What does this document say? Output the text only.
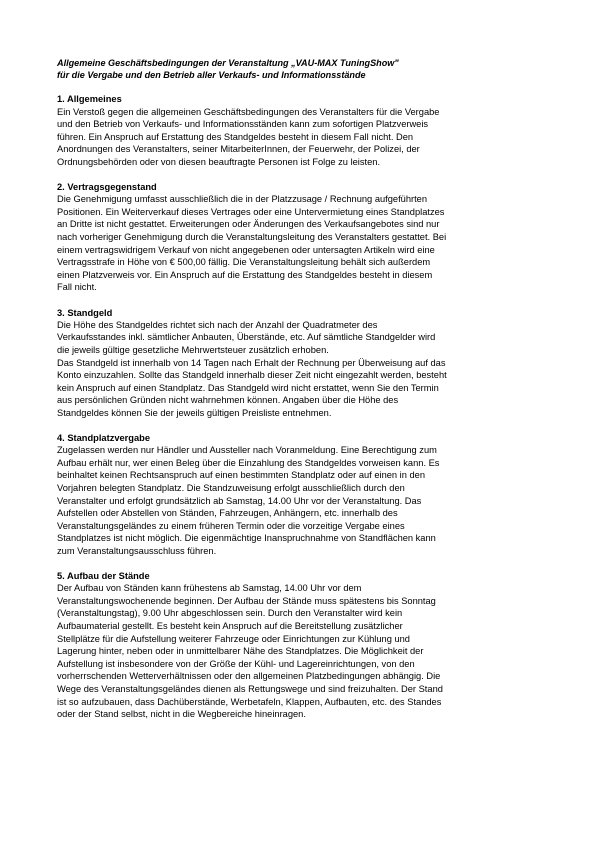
Allgemeine Geschäftsbedingungen der Veranstaltung „VAU-MAX TuningShow"
für die Vergabe und den Betrieb aller Verkaufs- und Informationsstände
1. Allgemeines
Ein Verstoß gegen die allgemeinen Geschäftsbedingungen des Veranstalters für die Vergabe
und den Betrieb von Verkaufs- und Informationsständen kann zum sofortigen Platzverweis
führen. Ein Anspruch auf Erstattung des Standgeldes besteht in diesem Fall nicht. Den
Anordnungen des Veranstalters, seiner MitarbeiterInnen, der Feuerwehr, der Polizei, der
Ordnungsbehörden oder von diesen beauftragte Personen ist Folge zu leisten.
2. Vertragsgegenstand
Die Genehmigung umfasst ausschließlich die in der Platzzusage / Rechnung aufgeführten
Positionen. Ein Weiterverkauf dieses Vertrages oder eine Untervermietung eines Standplatzes
an Dritte ist nicht gestattet. Erweiterungen oder Änderungen des Verkaufsangebotes sind nur
nach vorheriger Genehmigung durch die Veranstaltungsleitung des Veranstalters gestattet. Bei
einem vertragswidrigem Verkauf von nicht angegebenen oder untersagten Artikeln wird eine
Vertragsstrafe in Höhe von € 500,00 fällig. Die Veranstaltungsleitung behält sich außerdem
einen Platzverweis vor. Ein Anspruch auf die Erstattung des Standgeldes besteht in diesem
Fall nicht.
3. Standgeld
Die Höhe des Standgeldes richtet sich nach der Anzahl der Quadratmeter des
Verkaufsstandes inkl. sämtlicher Anbauten, Überstände, etc. Auf sämtliche Standgelder wird
die jeweils gültige gesetzliche Mehrwertsteuer zusätzlich erhoben.
Das Standgeld ist innerhalb von 14 Tagen nach Erhalt der Rechnung per Überweisung auf das
Konto einzuzahlen. Sollte das Standgeld innerhalb dieser Zeit nicht eingezahlt werden, besteht
kein Anspruch auf einen Standplatz. Das Standgeld wird nicht erstattet, wenn Sie den Termin
aus persönlichen Gründen nicht wahrnehmen können. Angaben über die Höhe des
Standgeldes können Sie der jeweils gültigen Preisliste entnehmen.
4. Standplatzvergabe
Zugelassen werden nur Händler und Aussteller nach Voranmeldung. Eine Berechtigung zum
Aufbau erhält nur, wer einen Beleg über die Einzahlung des Standgeldes vorweisen kann. Es
beinhaltet keinen Rechtsanspruch auf einen bestimmten Standplatz oder auf einen in den
Vorjahren belegten Standplatz. Die Standzuweisung erfolgt ausschließlich durch den
Veranstalter und erfolgt grundsätzlich ab Samstag, 14.00 Uhr vor der Veranstaltung. Das
Aufstellen oder Abstellen von Ständen, Fahrzeugen, Anhängern, etc. innerhalb des
Veranstaltungsgeländes zu einem früheren Termin oder die vorzeitige Vergabe eines
Standplatzes ist nicht möglich. Die eigenmächtige Inanspruchnahme von Standflächen kann
zum Veranstaltungsausschluss führen.
5. Aufbau der Stände
Der Aufbau von Ständen kann frühestens ab Samstag, 14.00 Uhr vor dem
Veranstaltungswochenende beginnen. Der Aufbau der Stände muss spätestens bis Sonntag
(Veranstaltungstag), 9.00 Uhr abgeschlossen sein. Durch den Veranstalter wird kein
Aufbaumaterial gestellt. Es besteht kein Anspruch auf die Bereitstellung zusätzlicher
Stellplätze für die Aufstellung weiterer Fahrzeuge oder Einrichtungen zur Kühlung und
Lagerung hinter, neben oder in unmittelbarer Nähe des Standplatzes. Die Möglichkeit der
Aufstellung ist insbesondere von der Größe der Kühl- und Lagereinrichtungen, von den
vorherrschenden Wetterverhältnissen oder den allgemeinen Platzbedingungen abhängig. Die
Wege des Veranstaltungsgeländes dienen als Rettungswege und sind freizuhalten. Der Stand
ist so aufzubauen, dass Dachüberstände, Werbetafeln, Klappen, Aufbauten, etc. des Standes
oder der Stand selbst, nicht in die Wegbereiche hineinragen.
